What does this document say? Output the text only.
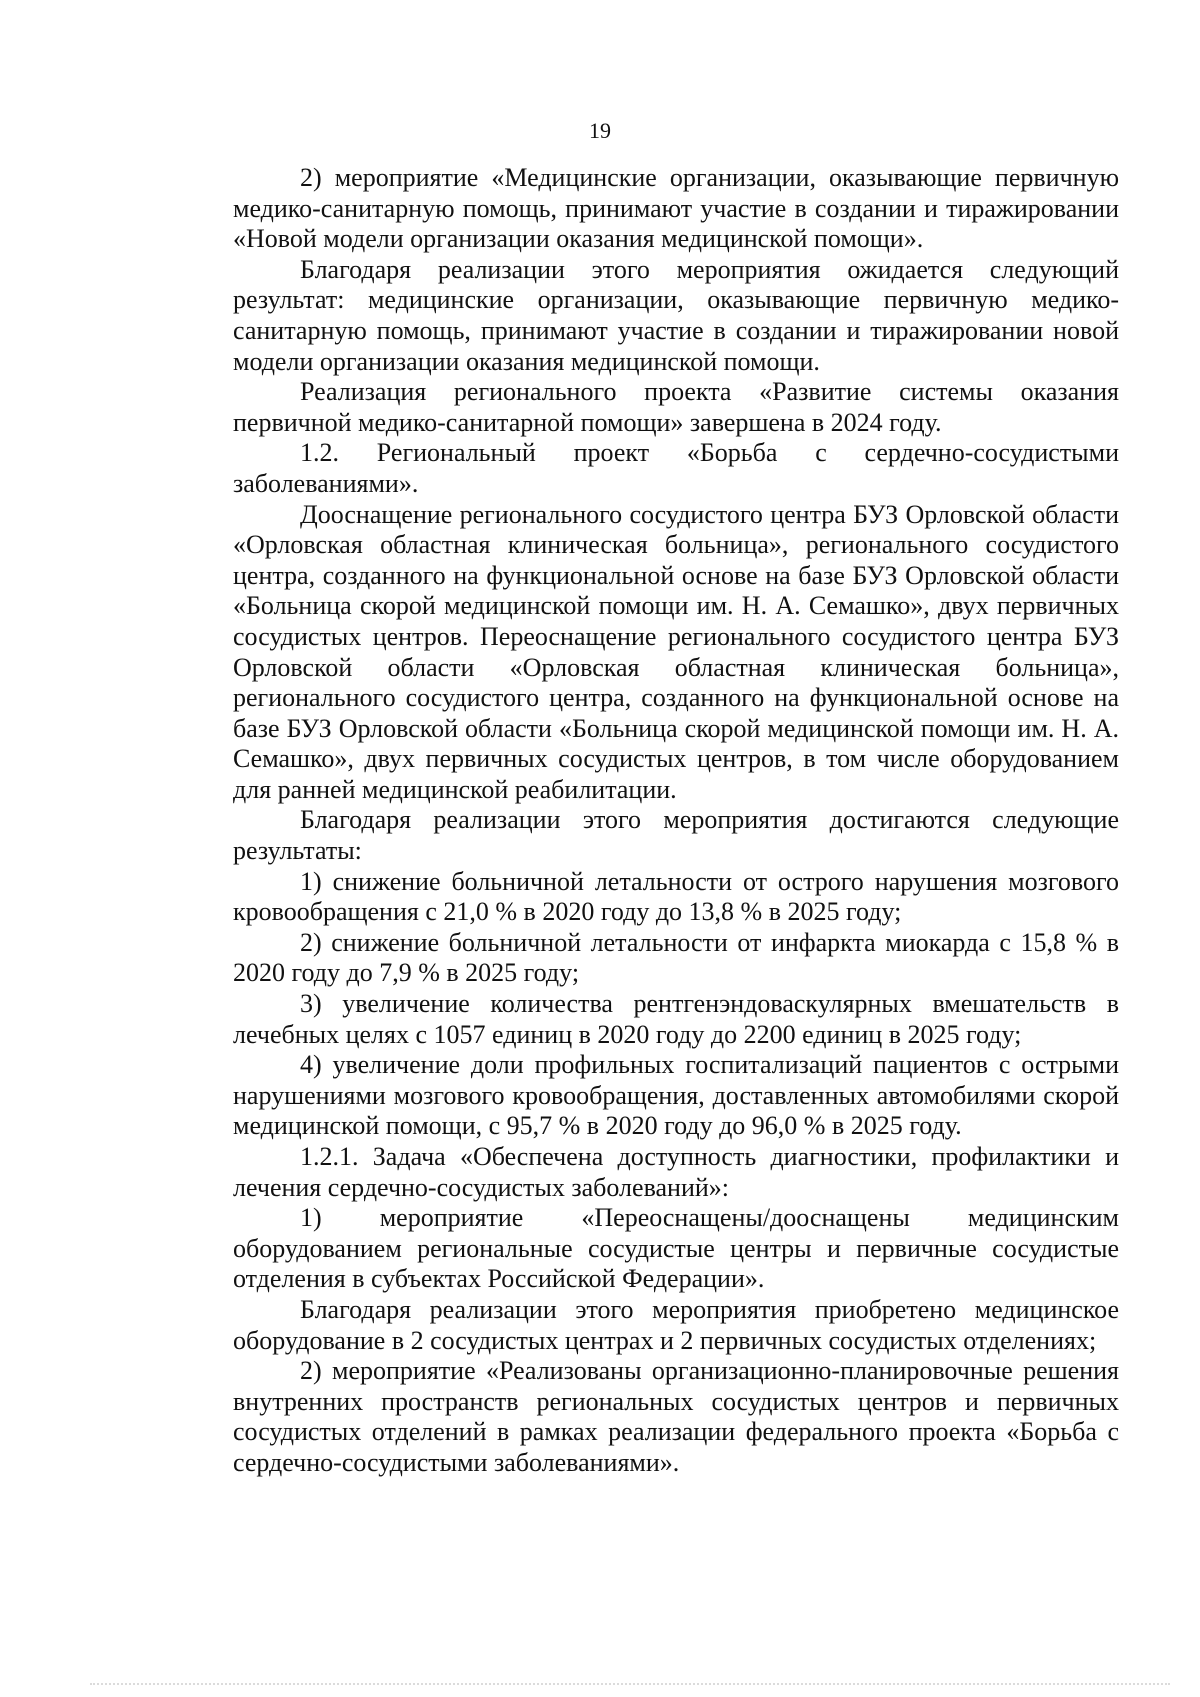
19

2) мероприятие «Медицинские организации, оказывающие первичную медико-санитарную помощь, принимают участие в создании и тиражировании «Новой модели организации оказания медицинской помощи».

Благодаря реализации этого мероприятия ожидается следующий результат: медицинские организации, оказывающие первичную медико-санитарную помощь, принимают участие в создании и тиражировании новой модели организации оказания медицинской помощи.

Реализация регионального проекта «Развитие системы оказания первичной медико-санитарной помощи» завершена в 2024 году.

1.2. Региональный проект «Борьба с сердечно-сосудистыми заболеваниями».

Дооснащение регионального сосудистого центра БУЗ Орловской области «Орловская областная клиническая больница», регионального сосудистого центра, созданного на функциональной основе на базе БУЗ Орловской области «Больница скорой медицинской помощи им. Н. А. Семашко», двух первичных сосудистых центров. Переоснащение регионального сосудистого центра БУЗ Орловской области «Орловская областная клиническая больница», регионального сосудистого центра, созданного на функциональной основе на базе БУЗ Орловской области «Больница скорой медицинской помощи им. Н. А. Семашко», двух первичных сосудистых центров, в том числе оборудованием для ранней медицинской реабилитации.

Благодаря реализации этого мероприятия достигаются следующие результаты:

1) снижение больничной летальности от острого нарушения мозгового кровообращения с 21,0 % в 2020 году до 13,8 % в 2025 году;

2) снижение больничной летальности от инфаркта миокарда с 15,8 % в 2020 году до 7,9 % в 2025 году;

3) увеличение количества рентгенэндоваскулярных вмешательств в лечебных целях с 1057 единиц в 2020 году до 2200 единиц в 2025 году;

4) увеличение доли профильных госпитализаций пациентов с острыми нарушениями мозгового кровообращения, доставленных автомобилями скорой медицинской помощи, с 95,7 % в 2020 году до 96,0 % в 2025 году.

1.2.1. Задача «Обеспечена доступность диагностики, профилактики и лечения сердечно-сосудистых заболеваний»:

1) мероприятие «Переоснащены/дооснащены медицинским оборудованием региональные сосудистые центры и первичные сосудистые отделения в субъектах Российской Федерации».

Благодаря реализации этого мероприятия приобретено медицинское оборудование в 2 сосудистых центрах и 2 первичных сосудистых отделениях;

2) мероприятие «Реализованы организационно-планировочные решения внутренних пространств региональных сосудистых центров и первичных сосудистых отделений в рамках реализации федерального проекта «Борьба с сердечно-сосудистыми заболеваниями».
